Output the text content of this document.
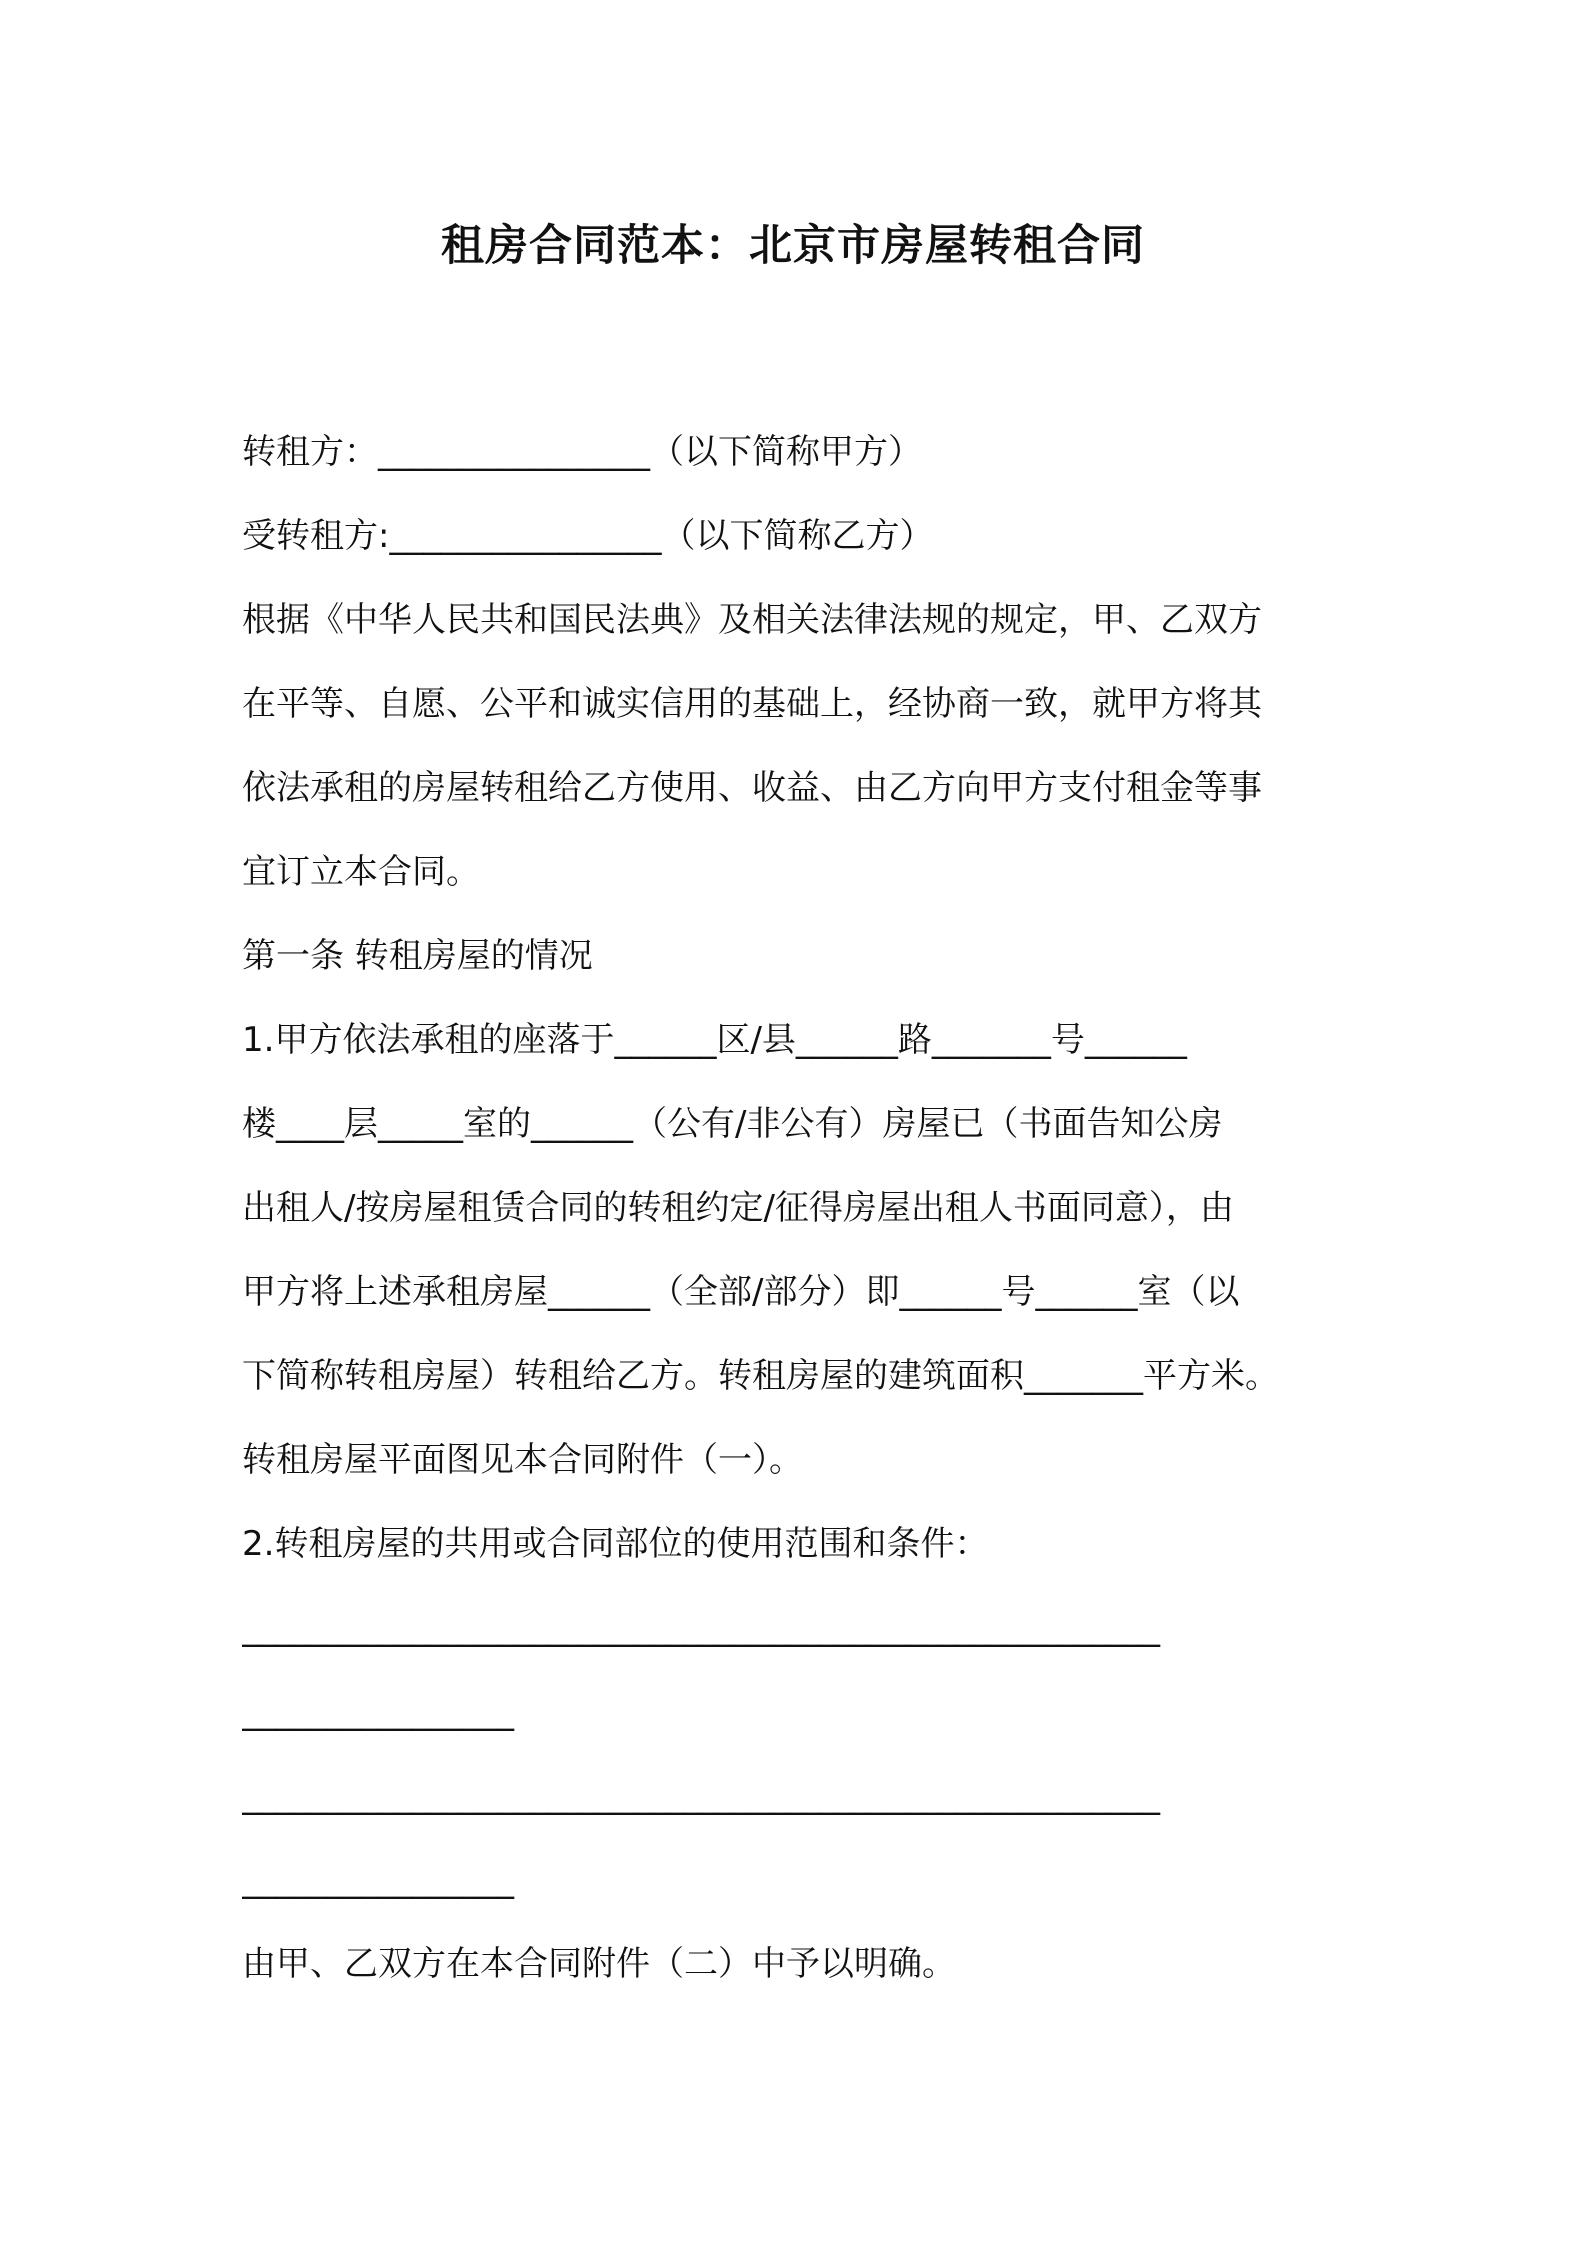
租房合同范本：北京市房屋转租合同
转租方：________________（以下简称甲方）
受转租方:________________（以下简称乙方）
根据《中华人民共和国民法典》及相关法律法规的规定，甲、乙双方
在平等、自愿、公平和诚实信用的基础上，经协商一致，就甲方将其
依法承租的房屋转租给乙方使用、收益、由乙方向甲方支付租金等事
宜订立本合同。
第一条 转租房屋的情况
1.甲方依法承租的座落于______区/县______路_______号______
楼____层_____室的______（公有/非公有）房屋已（书面告知公房
出租人/按房屋租赁合同的转租约定/征得房屋出租人书面同意），由
甲方将上述承租房屋______（全部/部分）即______号______室（以
下简称转租房屋）转租给乙方。转租房屋的建筑面积_______平方米。
转租房屋平面图见本合同附件（一）。
2.转租房屋的共用或合同部位的使用范围和条件：
______________________________________________________
________________
______________________________________________________
________________
由甲、乙双方在本合同附件（二）中予以明确。
